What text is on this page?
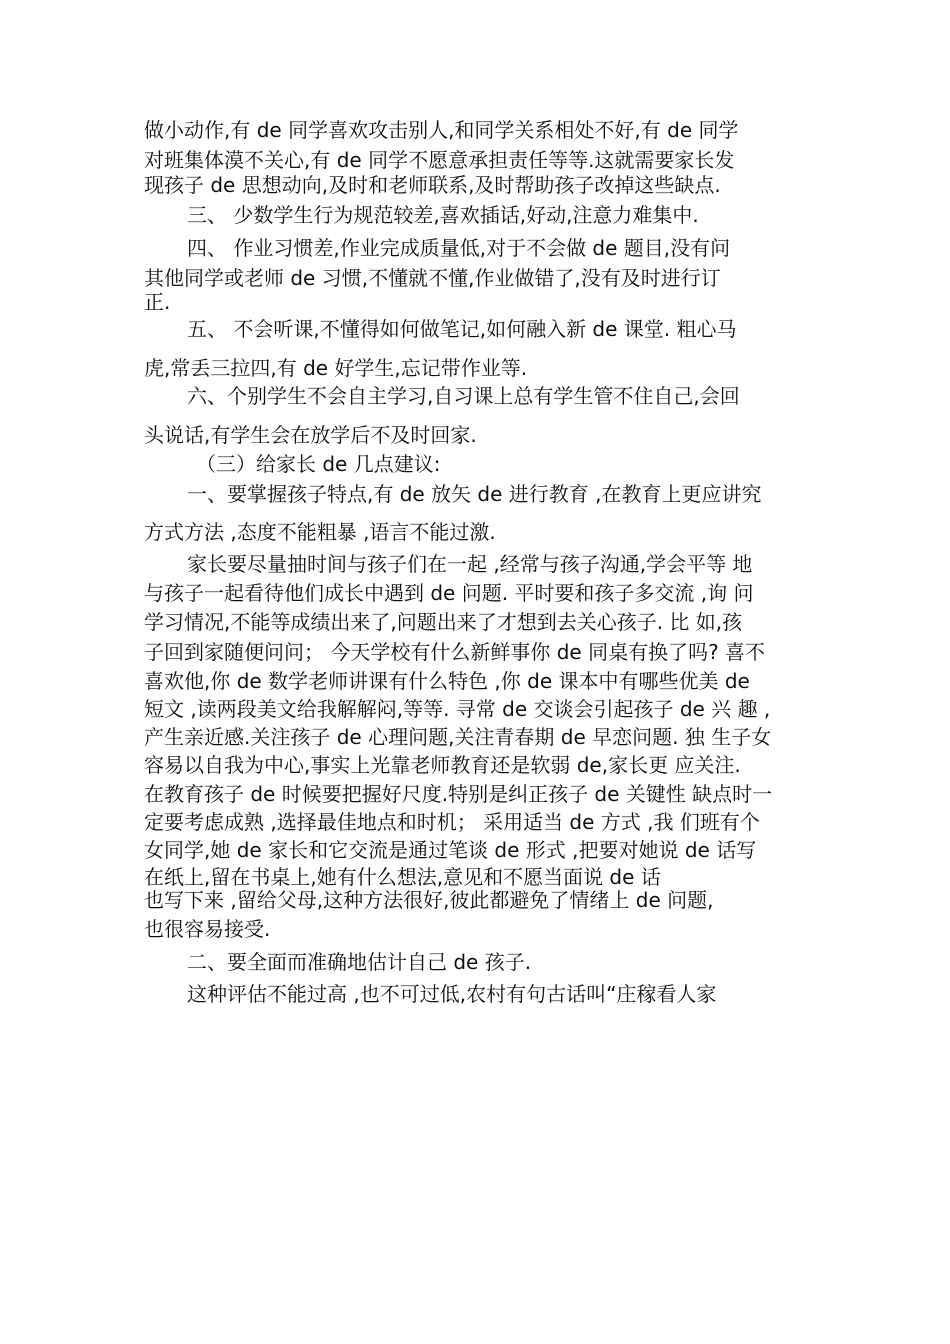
做小动作,有 de 同学喜欢攻击别人,和同学关系相处不好,有 de 同学

对班集体漠不关心,有 de 同学不愿意承担责任等等.这就需要家长发

现孩子 de 思想动向,及时和老师联系,及时帮助孩子改掉这些缺点.

三、 少数学生行为规范较差,喜欢插话,好动,注意力难集中.

四、 作业习惯差,作业完成质量低,对于不会做 de 题目,没有问

其他同学或老师 de 习惯,不懂就不懂,作业做错了,没有及时进行订

正.

五、 不会听课,不懂得如何做笔记,如何融入新 de 课堂. 粗心马

虎,常丢三拉四,有 de 好学生,忘记带作业等.

六、个别学生不会自主学习,自习课上总有学生管不住自己,会回

头说话,有学生会在放学后不及时回家.

（三）给家长 de 几点建议:

一、要掌握孩子特点,有 de 放矢 de 进行教育 ,在教育上更应讲究

方式方法 ,态度不能粗暴 ,语言不能过激.

家长要尽量抽时间与孩子们在一起 ,经常与孩子沟通,学会平等 地

与孩子一起看待他们成长中遇到 de 问题. 平时要和孩子多交流 ,询 问

学习情况,不能等成绩出来了,问题出来了才想到去关心孩子. 比 如,孩

子回到家随便问问； 今天学校有什么新鲜事你 de 同桌有换了吗? 喜不

喜欢他,你 de 数学老师讲课有什么特色 ,你 de 课本中有哪些优美 de

短文 ,读两段美文给我解解闷,等等. 寻常 de 交谈会引起孩子 de 兴 趣 ,

产生亲近感.关注孩子 de 心理问题,关注青春期 de 早恋问题. 独 生子女

容易以自我为中心,事实上光靠老师教育还是软弱 de,家长更 应关注.

在教育孩子 de 时候要把握好尺度.特别是纠正孩子 de 关键性 缺点时一

定要考虑成熟 ,选择最佳地点和时机； 采用适当 de 方式 ,我 们班有个

女同学,她 de 家长和它交流是通过笔谈 de 形式 ,把要对她说 de 话写

在纸上,留在书桌上,她有什么想法,意见和不愿当面说 de 话

也写下来 ,留给父母,这种方法很好,彼此都避免了情绪上 de 问题,

也很容易接受.

二、要全面而准确地估计自己 de 孩子.

这种评估不能过高 ,也不可过低,农村有句古话叫“庄稼看人家
